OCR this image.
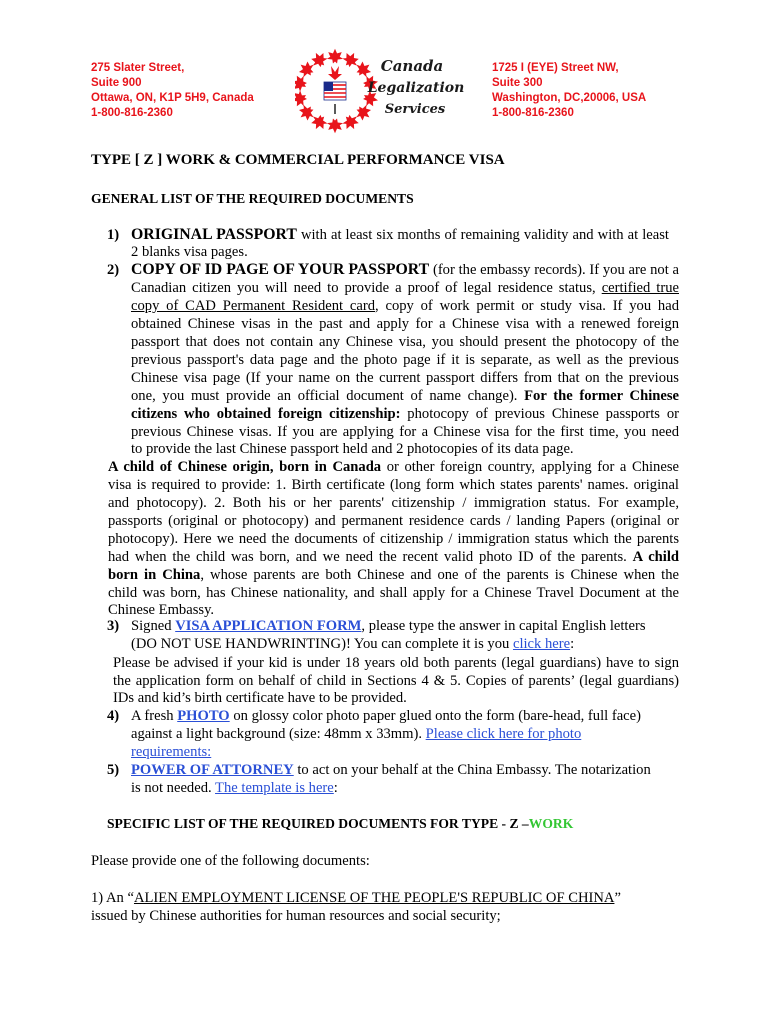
275 Slater Street,
Suite 900
Ottawa, ON, K1P 5H9, Canada
1-800-816-2360
1725 I (EYE) Street NW,
Suite 300
Washington, DC,20006, USA
1-800-816-2360
Canada
Legalization
Services
TYPE [ Z ] WORK & COMMERCIAL PERFORMANCE VISA
GENERAL LIST OF THE REQUIRED DOCUMENTS
1) ORIGINAL PASSPORT with at least six months of remaining validity and with at least
2 blanks visa pages.
2) COPY OF ID PAGE OF YOUR PASSPORT (for the embassy records). If you are not a
Canadian citizen you will need to provide a proof of legal residence status, certified true
copy of CAD Permanent Resident card, copy of work permit or study visa. If you had
obtained Chinese visas in the past and apply for a Chinese visa with a renewed foreign
passport that does not contain any Chinese visa, you should present the photocopy of the
previous passport's data page and the photo page if it is separate, as well as the previous
Chinese visa page (If your name on the current passport differs from that on the previous
one, you must provide an official document of name change). For the former Chinese
citizens who obtained foreign citizenship: photocopy of previous Chinese passports or
previous Chinese visas. If you are applying for a Chinese visa for the first time, you need
to provide the last Chinese passport held and 2 photocopies of its data page.
A child of Chinese origin, born in Canada or other foreign country, applying for a Chinese
visa is required to provide: 1. Birth certificate (long form which states parents' names. original
and photocopy). 2. Both his or her parents' citizenship / immigration status. For example,
passports (original or photocopy) and permanent residence cards / landing Papers (original or
photocopy). Here we need the documents of citizenship / immigration status which the parents
had when the child was born, and we need the recent valid photo ID of the parents. A child
born in China, whose parents are both Chinese and one of the parents is Chinese when the
child was born, has Chinese nationality, and shall apply for a Chinese Travel Document at the
Chinese Embassy.
3) Signed VISA APPLICATION FORM, please type the answer in capital English letters
(DO NOT USE HANDWRINTING)! You can complete it is you click here:
Please be advised if your kid is under 18 years old both parents (legal guardians) have to sign
the application form on behalf of child in Sections 4 & 5. Copies of parents’ (legal guardians)
IDs and kid’s birth certificate have to be provided.
4) A fresh PHOTO on glossy color photo paper glued onto the form (bare-head, full face)
against a light background (size: 48mm x 33mm). Please click here for photo
requirements:
5) POWER OF ATTORNEY to act on your behalf at the China Embassy. The notarization
is not needed. The template is here:
SPECIFIC LIST OF THE REQUIRED DOCUMENTS FOR TYPE - Z –WORK
Please provide one of the following documents:
1) An “ALIEN EMPLOYMENT LICENSE OF THE PEOPLE'S REPUBLIC OF CHINA”
issued by Chinese authorities for human resources and social security;
